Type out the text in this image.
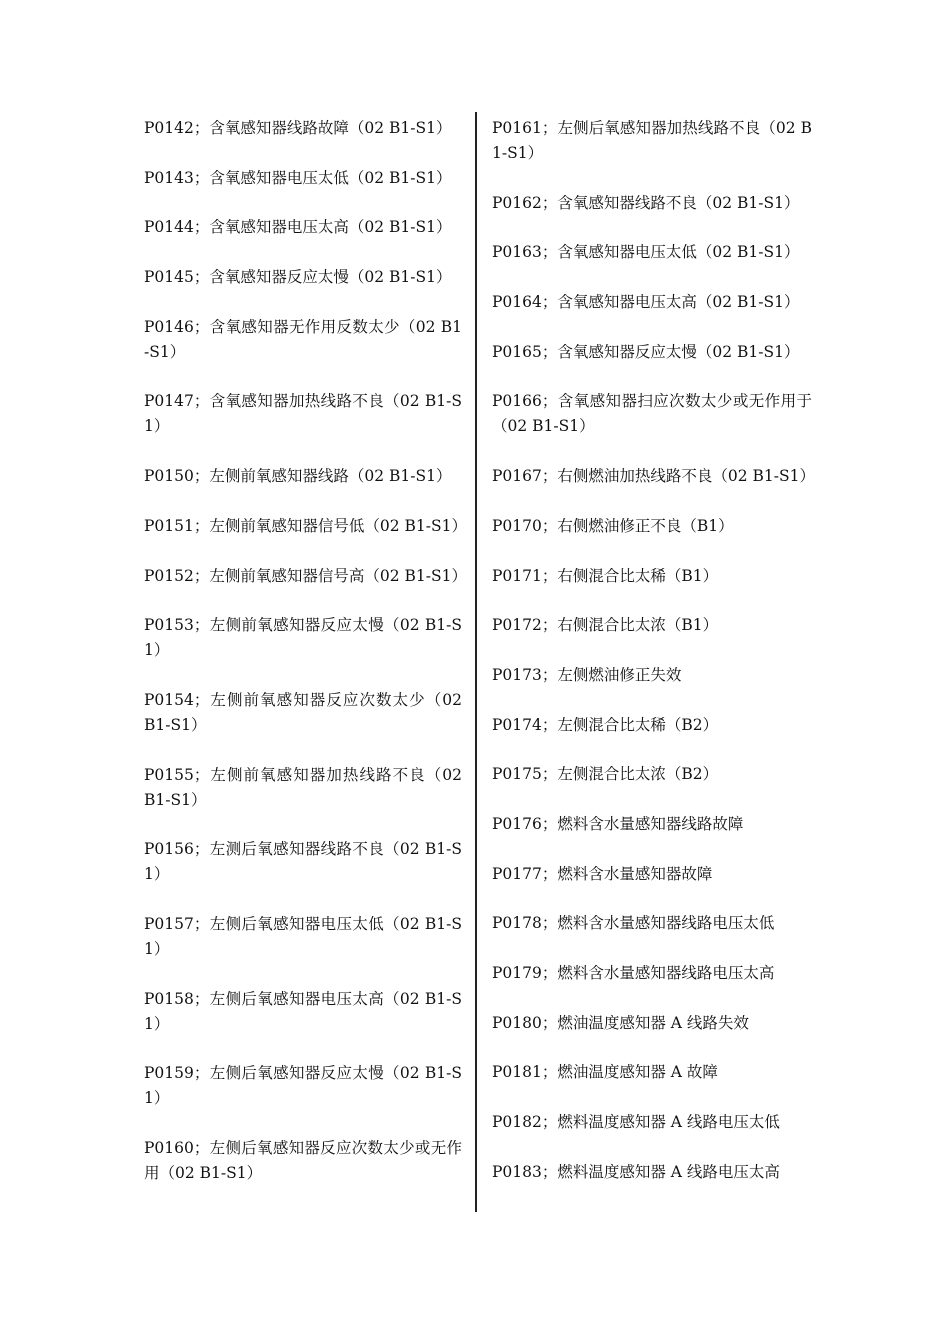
P0142；含氧感知器线路故障（02 B1-S1）
P0143；含氧感知器电压太低（02 B1-S1）
P0144；含氧感知器电压太高（02 B1-S1）
P0145；含氧感知器反应太慢（02 B1-S1）
P0146；含氧感知器无作用反数太少（02 B1-S1）
P0147；含氧感知器加热线路不良（02 B1-S1）
P0150；左侧前氧感知器线路（02 B1-S1）
P0151；左侧前氧感知器信号低（02 B1-S1）
P0152；左侧前氧感知器信号高（02 B1-S1）
P0153；左侧前氧感知器反应太慢（02 B1-S1）
P0154；左侧前氧感知器反应次数太少（02 B1-S1）
P0155；左侧前氧感知器加热线路不良（02 B1-S1）
P0156；左测后氧感知器线路不良（02 B1-S1）
P0157；左侧后氧感知器电压太低（02 B1-S1）
P0158；左侧后氧感知器电压太高（02 B1-S1）
P0159；左侧后氧感知器反应太慢（02 B1-S1）
P0160；左侧后氧感知器反应次数太少或无作用（02 B1-S1）
P0161；左侧后氧感知器加热线路不良（02 B1-S1）
P0162；含氧感知器线路不良（02 B1-S1）
P0163；含氧感知器电压太低（02 B1-S1）
P0164；含氧感知器电压太高（02 B1-S1）
P0165；含氧感知器反应太慢（02 B1-S1）
P0166；含氧感知器扫应次数太少或无作用于（02 B1-S1）
P0167；右侧燃油加热线路不良（02 B1-S1）
P0170；右侧燃油修正不良（B1）
P0171；右侧混合比太稀（B1）
P0172；右侧混合比太浓（B1）
P0173；左侧燃油修正失效
P0174；左侧混合比太稀（B2）
P0175；左侧混合比太浓（B2）
P0176；燃料含水量感知器线路故障
P0177；燃料含水量感知器故障
P0178；燃料含水量感知器线路电压太低
P0179；燃料含水量感知器线路电压太高
P0180；燃油温度感知器 A 线路失效
P0181；燃油温度感知器 A 故障
P0182；燃料温度感知器 A 线路电压太低
P0183；燃料温度感知器 A 线路电压太高
